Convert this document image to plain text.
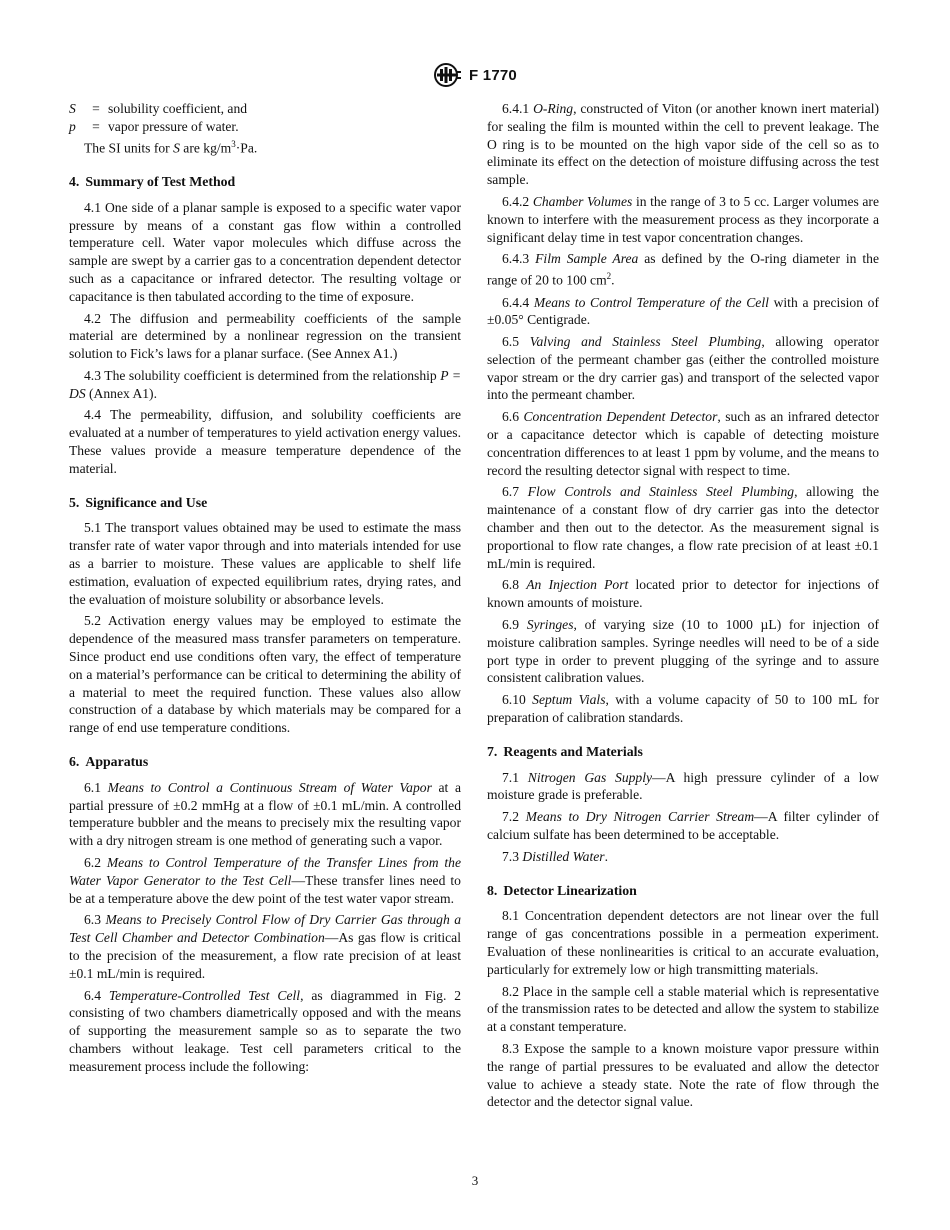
F 1770
S	= solubility coefficient, and
p	= vapor pressure of water.

The SI units for S are $kg/m^3\cdot Pa$.

4. Summary of Test Method

4.1 One side of a planar sample is exposed to a specific water vapor pressure by means of a constant gas flow within a controlled temperature cell. Water vapor molecules which diffuse across the sample are swept by a carrier gas to a concentration dependent detector such as a capacitance or infrared detector. The resulting voltage or capacitance is then tabulated according to the time of exposure.

4.2 The diffusion and permeability coefficients of the sample material are determined by a nonlinear regression on the transient solution to Fick’s laws for a planar surface. (See Annex A1.)

4.3 The solubility coefficient is determined from the relationship P = DS (Annex A1).

4.4 The permeability, diffusion, and solubility coefficients are evaluated at a number of temperatures to yield activation energy values. These values provide a measure temperature dependence of the material.

5. Significance and Use

5.1 The transport values obtained may be used to estimate the mass transfer rate of water vapor through and into materials intended for use as a barrier to moisture. These values are applicable to shelf life estimation, evaluation of expected equilibrium rates, drying rates, and the evaluation of moisture solubility or absorbance levels.

5.2 Activation energy values may be employed to estimate the dependence of the measured mass transfer parameters on temperature. Since product end use conditions often vary, the effect of temperature on a material’s performance can be critical to determining the ability of a material to meet the required function. These values also allow construction of a database by which materials may be compared for a range of end use temperature conditions.

6. Apparatus

6.1 Means to Control a Continuous Stream of Water Vapor at a partial pressure of ±0.2 mmHg at a flow of ±0.1 mL/min. A controlled temperature bubbler and the means to precisely mix the resulting vapor with a dry nitrogen stream is one method of generating such a vapor.

6.2 Means to Control Temperature of the Transfer Lines from the Water Vapor Generator to the Test Cell—These transfer lines need to be at a temperature above the dew point of the test water vapor stream.

6.3 Means to Precisely Control Flow of Dry Carrier Gas through a Test Cell Chamber and Detector Combination—As gas flow is critical to the precision of the measurement, a flow rate precision of at least ±0.1 mL/min is required.

6.4 Temperature-Controlled Test Cell, as diagrammed in Fig. 2 consisting of two chambers diametrically opposed and with the means of supporting the measurement sample so as to separate the two chambers without leakage. Test cell parameters critical to the measurement process include the following:

6.4.1 O-Ring, constructed of Viton (or another known inert material) for sealing the film is mounted within the cell to prevent leakage. The O ring is to be mounted on the high vapor side of the cell so as to eliminate its effect on the detection of moisture diffusing across the test sample.

6.4.2 Chamber Volumes in the range of 3 to 5 cc. Larger volumes are known to interfere with the measurement process as they incorporate a significant delay time in test vapor concentration changes.

6.4.3 Film Sample Area as defined by the O-ring diameter in the range of 20 to 100 $cm^2$.

6.4.4 Means to Control Temperature of the Cell with a precision of ±0.05° Centigrade.

6.5 Valving and Stainless Steel Plumbing, allowing operator selection of the permeant chamber gas (either the controlled moisture vapor stream or the dry carrier gas) and transport of the selected vapor into the permeant chamber.

6.6 Concentration Dependent Detector, such as an infrared detector or a capacitance detector which is capable of detecting moisture concentration differences to at least 1 ppm by volume, and the means to record the resulting detector signal with respect to time.

6.7 Flow Controls and Stainless Steel Plumbing, allowing the maintenance of a constant flow of dry carrier gas into the detector chamber and then out to the detector. As the measurement signal is proportional to flow rate changes, a flow rate precision of at least ±0.1 mL/min is required.

6.8 An Injection Port located prior to detector for injections of known amounts of moisture.

6.9 Syringes, of varying size (10 to 1000 µL) for injection of moisture calibration samples. Syringe needles will need to be of a side port type in order to prevent plugging of the syringe and to assure consistent calibration values.

6.10 Septum Vials, with a volume capacity of 50 to 100 mL for preparation of calibration standards.

7. Reagents and Materials

7.1 Nitrogen Gas Supply—A high pressure cylinder of a low moisture grade is preferable.

7.2 Means to Dry Nitrogen Carrier Stream—A filter cylinder of calcium sulfate has been determined to be acceptable.

7.3 Distilled Water.

8. Detector Linearization

8.1 Concentration dependent detectors are not linear over the full range of gas concentrations possible in a permeation experiment. Evaluation of these nonlinearities is critical to an accurate evaluation, particularly for extremely low or high transmitting materials.

8.2 Place in the sample cell a stable material which is representative of the transmission rates to be detected and allow the system to stabilize at a constant temperature.

8.3 Expose the sample to a known moisture vapor pressure within the range of partial pressures to be evaluated and allow the detector value to achieve a steady state. Note the rate of flow through the detector and the detector signal value.

3
